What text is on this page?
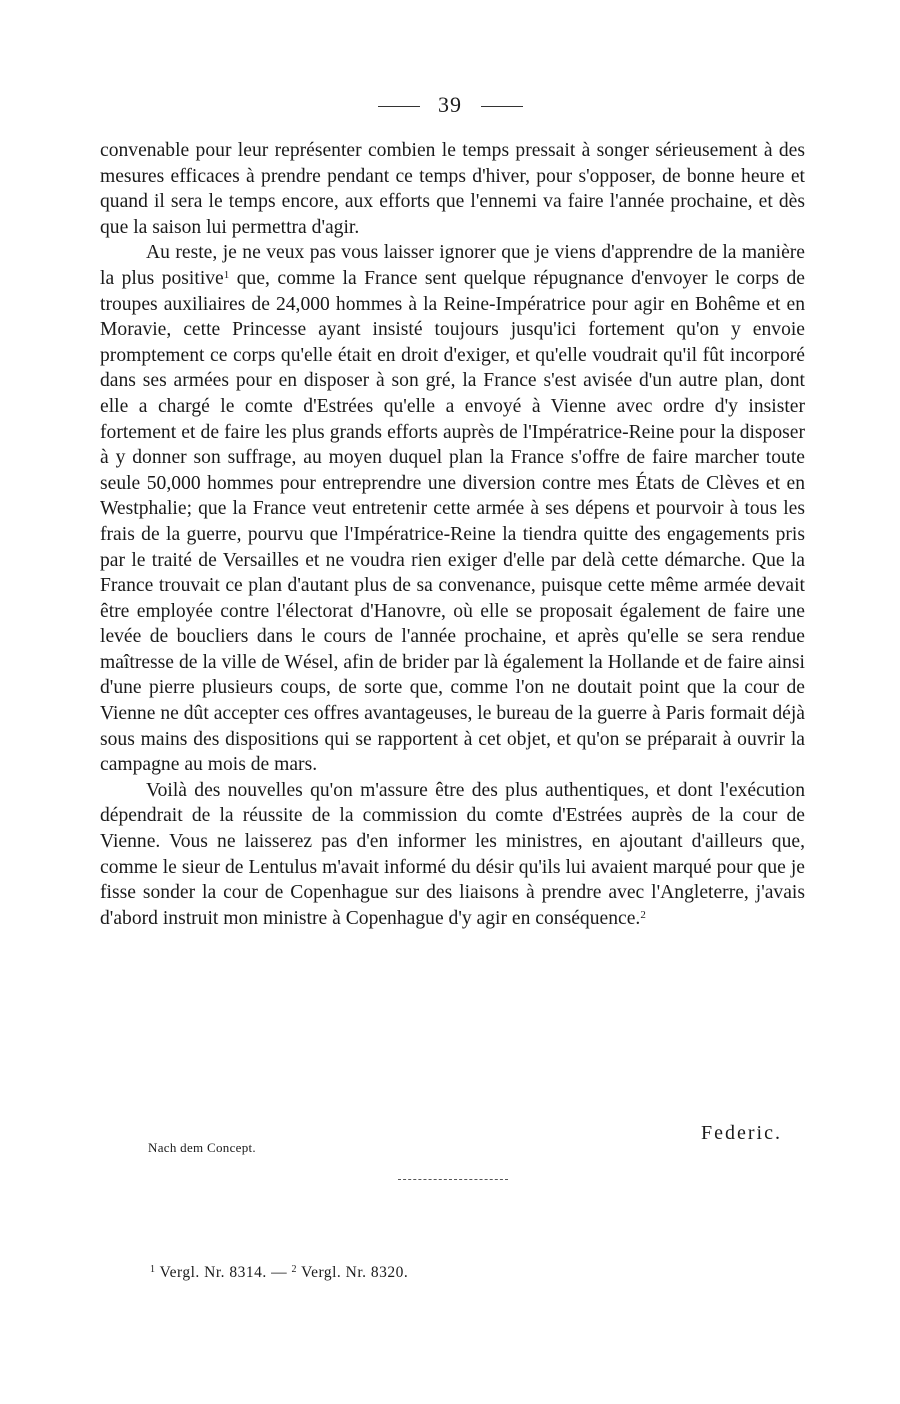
39

convenable pour leur représenter combien le temps pressait à songer sérieusement à des mesures efficaces à prendre pendant ce temps d'hiver, pour s'opposer, de bonne heure et quand il sera le temps encore, aux efforts que l'ennemi va faire l'année prochaine, et dès que la saison lui permettra d'agir.

Au reste, je ne veux pas vous laisser ignorer que je viens d'apprendre de la manière la plus positive$^1$ que, comme la France sent quelque répugnance d'envoyer le corps de troupes auxiliaires de 24,000 hommes à la Reine-Impératrice pour agir en Bohême et en Moravie, cette Princesse ayant insisté toujours jusqu'ici fortement qu'on y envoie promptement ce corps qu'elle était en droit d'exiger, et qu'elle voudrait qu'il fût incorporé dans ses armées pour en disposer à son gré, la France s'est avisée d'un autre plan, dont elle a chargé le comte d'Estrées qu'elle a envoyé à Vienne avec ordre d'y insister fortement et de faire les plus grands efforts auprès de l'Impératrice-Reine pour la disposer à y donner son suffrage, au moyen duquel plan la France s'offre de faire marcher toute seule 50,000 hommes pour entreprendre une diversion contre mes États de Clèves et en Westphalie; que la France veut entretenir cette armée à ses dépens et pourvoir à tous les frais de la guerre, pourvu que l'Impératrice-Reine la tiendra quitte des engagements pris par le traité de Versailles et ne voudra rien exiger d'elle par delà cette démarche. Que la France trouvait ce plan d'autant plus de sa convenance, puisque cette même armée devait être employée contre l'électorat d'Hanovre, où elle se proposait également de faire une levée de boucliers dans le cours de l'année prochaine, et après qu'elle se sera rendue maîtresse de la ville de Wésel, afin de brider par là également la Hollande et de faire ainsi d'une pierre plusieurs coups, de sorte que, comme l'on ne doutait point que la cour de Vienne ne dût accepter ces offres avantageuses, le bureau de la guerre à Paris formait déjà sous mains des dispositions qui se rapportent à cet objet, et qu'on se préparait à ouvrir la campagne au mois de mars.

Voilà des nouvelles qu'on m'assure être des plus authentiques, et dont l'exécution dépendrait de la réussite de la commission du comte d'Estrées auprès de la cour de Vienne. Vous ne laisserez pas d'en informer les ministres, en ajoutant d'ailleurs que, comme le sieur de Lentulus m'avait informé du désir qu'ils lui avaient marqué pour que je fisse sonder la cour de Copenhague sur des liaisons à prendre avec l'Angleterre, j'avais d'abord instruit mon ministre à Copenhague d'y agir en conséquence.$^2$

Nach dem Concept.
Federic.
$^1$ Vergl. Nr. 8314. — $^2$ Vergl. Nr. 8320.
